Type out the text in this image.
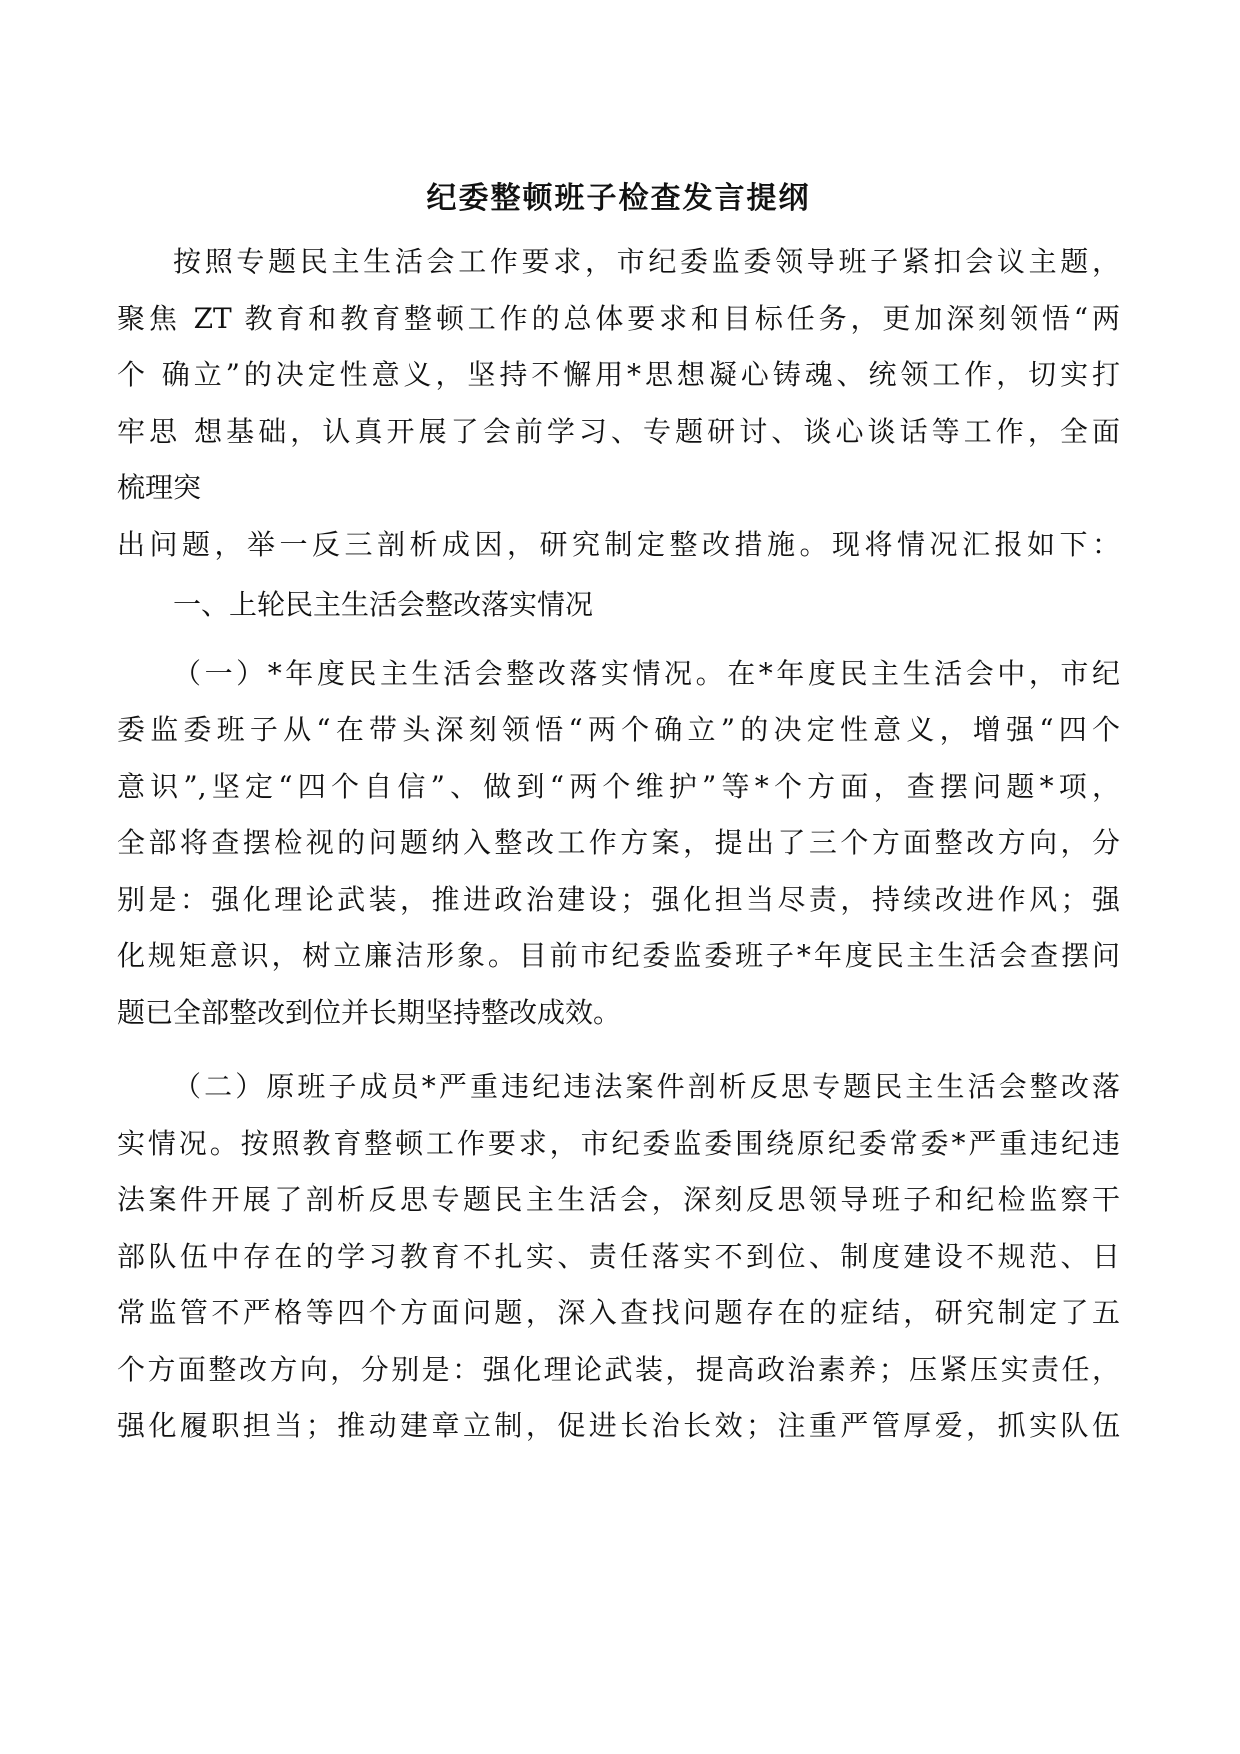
纪委整顿班子检查发言提纲
按照专题民主生活会工作要求，市纪委监委领导班子紧扣会议主题，
聚焦 ZT 教育和教育整顿工作的总体要求和目标任务，更加深刻领悟“两
个 确立”的决定性意义，坚持不懈用*思想凝心铸魂、统领工作，切实打
牢思 想基础，认真开展了会前学习、专题研讨、谈心谈话等工作，全面
梳理突
出问题，举一反三剖析成因，研究制定整改措施。现将情况汇报如下：
一、上轮民主生活会整改落实情况
（一）*年度民主生活会整改落实情况。在*年度民主生活会中，市纪
委监委班子从“在带头深刻领悟“两个确立”的决定性意义，增强“四个
意识”,坚定“四个自信”、做到“两个维护”等*个方面，查摆问题*项，
全部将查摆检视的问题纳入整改工作方案，提出了三个方面整改方向，分
别是：强化理论武装，推进政治建设；强化担当尽责，持续改进作风；强
化规矩意识，树立廉洁形象。目前市纪委监委班子*年度民主生活会查摆问
题已全部整改到位并长期坚持整改成效。
（二）原班子成员*严重违纪违法案件剖析反思专题民主生活会整改落
实情况。按照教育整顿工作要求，市纪委监委围绕原纪委常委*严重违纪违
法案件开展了剖析反思专题民主生活会，深刻反思领导班子和纪检监察干
部队伍中存在的学习教育不扎实、责任落实不到位、制度建设不规范、日
常监管不严格等四个方面问题，深入查找问题存在的症结，研究制定了五
个方面整改方向，分别是：强化理论武装，提高政治素养；压紧压实责任，
强化履职担当；推动建章立制，促进长治长效；注重严管厚爱，抓实队伍
